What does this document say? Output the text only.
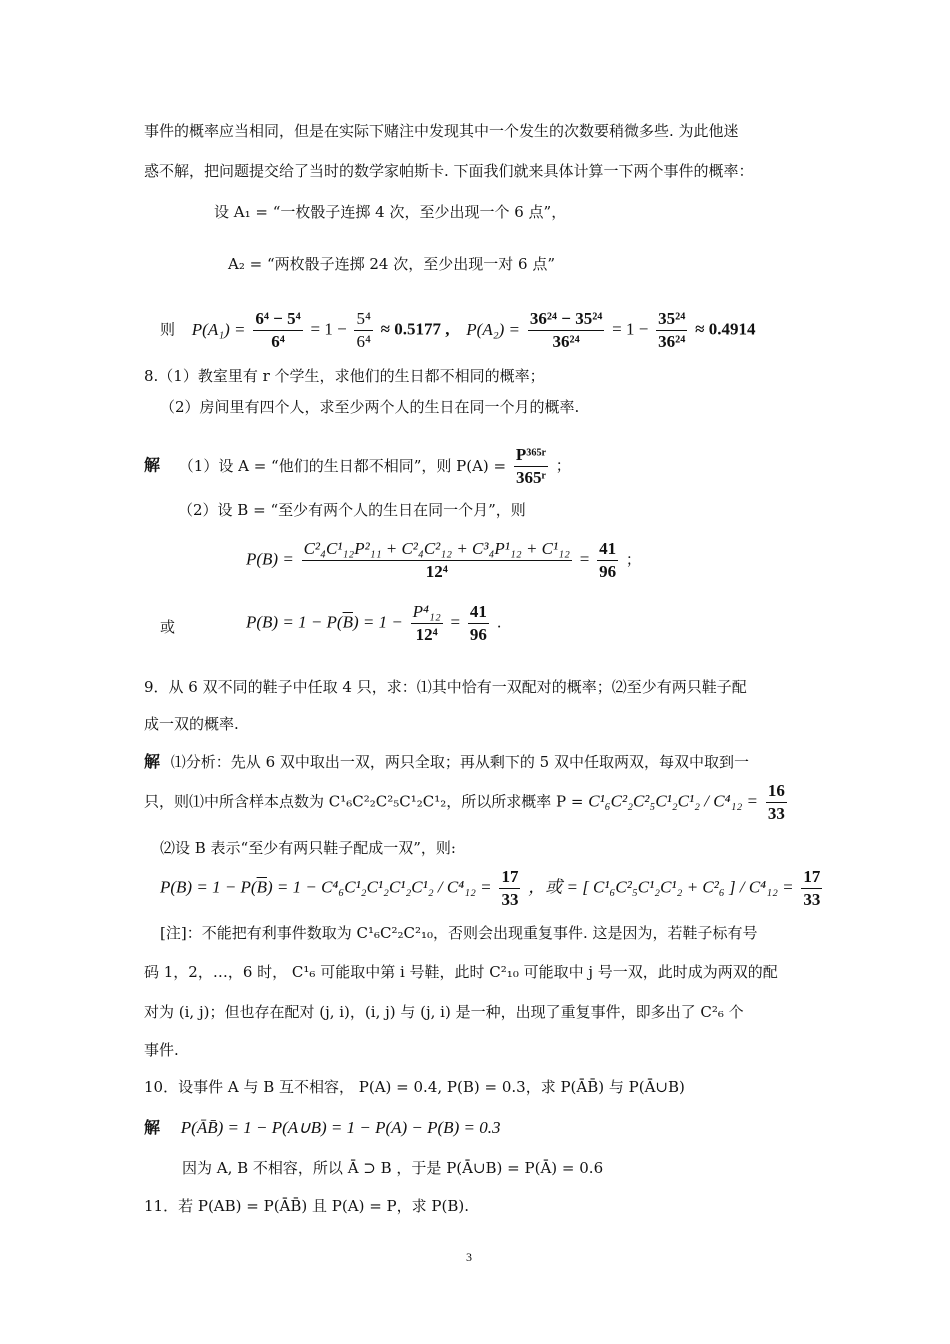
事件的概率应当相同，但是在实际下赌注中发现其中一个发生的次数要稍微多些. 为此他迷
惑不解，把问题提交给了当时的数学家帕斯卡. 下面我们就来具体计算一下两个事件的概率：
设 A₁ = “一枚骰子连掷 4 次，至少出现一个 6 点”，
A₂ = “两枚骰子连掷 24 次，至少出现一对 6 点”
则 $P(A_1) = \frac{\text{6⁴ − 5⁴}}{\text{6⁴}} = 1 - \frac{\text{5⁴}}{\text{6⁴}} \approx 0.5177$ , $P(A_2) = \frac{\text{36²⁴ − 35²⁴}}{\text{36²⁴}} = 1 - \frac{\text{35²⁴}}{\text{36²⁴}} \approx 0.4914$
8.（1）教室里有 r 个学生，求他们的生日都不相同的概率；
（2）房间里有四个人，求至少两个人的生日在同一个月的概率.
解 （1）设 A = “他们的生日都不相同”，则 $P(A) = \frac{\text{P³⁶⁵ʳ}}{\text{365ʳ}}$ ；
（2）设 B = “至少有两个人的生日在同一个月”，则
$P(B) = \frac{\text{C²₄C¹₁₂P²₁₁ + C²₄C²₁₂ + C³₄P¹₁₂ + C¹₁₂}}{\text{12⁴}} = \frac{41}{96}$ ；
或	$P(B) = 1 - P(\overline{B}) = 1 - \frac{\text{P⁴₁₂}}{\text{12⁴}} = \frac{41}{96}$ .
9．从 6 双不同的鞋子中任取 4 只，求：⑴其中恰有一双配对的概率；⑵至少有两只鞋子配
成一双的概率.
解 ⑴分析：先从 6 双中取出一双，两只全取；再从剩下的 5 双中任取两双，每双中取到一
只，则⑴中所含样本点数为 C¹₆C²₂C²₅C¹₂C¹₂，所以所求概率 $P = C^1_6C^2_2C^2_5C^1_2C^1_2 / C^4_{12} = \frac{16}{33}$
⑵设 B 表示“至少有两只鞋子配成一双”，则:
$P(B) = 1 - P(\overline{B}) = 1 - C^4_6C^1_2C^1_2C^1_2C^1_2 / C^4_{12} = \frac{17}{33}$ ，或 = [ C¹₆C²₅C¹₂C¹₂ + C²₆ ] / $C^4_{12} = \frac{17}{33}$
[注]：不能把有利事件数取为 C¹₆C²₂C²₁₀，否则会出现重复事件. 这是因为，若鞋子标有号
码 1，2，…，6 时， C¹₆ 可能取中第 i 号鞋，此时 C²₁₀ 可能取中 j 号一双，此时成为两双的配
对为 (i, j)；但也存在配对 (j, i)，(i, j) 与 (j, i) 是一种，出现了重复事件，即多出了 C²₆ 个
事件.
10．设事件 A 与 B 互不相容， P(A) = 0.4, P(B) = 0.3，求 P(ĀB̄) 与 P(Ā∪B)
解 P(ĀB̄) = 1 − P(A∪B) = 1 − P(A) − P(B) = 0.3
因为 A, B 不相容，所以 Ā ⊃ B ，于是 P(Ā∪B) = P(Ā) = 0.6
11．若 P(AB) = P(ĀB̄) 且 P(A) = P，求 P(B).
3
